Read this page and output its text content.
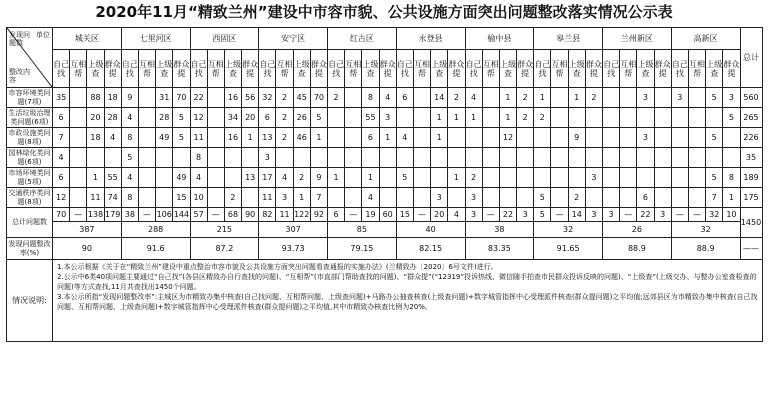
2020年11月“精致兰州”建设中市容市貌、公共设施方面突出问题整改落实情况公示表
发现问题数
单位
整改内容	城关区				七里河区				西固区				安宁区				红古区				永登县				榆中县				皋兰县				兰州新区				高新区				总计
	自己找	互相帮	上级查	群众提	自己找	互相帮	上级查	群众提	自己找	互相帮	上级查	群众提	自己找	互相帮	上级查	群众提	自己找	互相帮	上级查	群众提	自己找	互相帮	上级查	群众提	自己找	互相帮	上级查	群众提	自己找	互相帮	上级查	群众提	自己找	互相帮	上级查	群众提	自己找	互相帮	上级查	群众提	
市容环境类问题(7项)	35		88	18	9		31	70	22		16	56	32	2	45	70	2		8	4	6		14	2	4		1	2	1		1	2			3		3		5	3	560
生活垃圾治理类问题(6项)	6		20	28	4		28	5	12		34	20	6	2	26	5			55	3			1	1	1		1	2	2											5	265
市政设施类问题(8项)	7		18	4	8		49	5	11		16	1	13	2	46	1			6	1	4		1				12				9				3				5		226
园林绿化类问题(6项)	4				5				8				3																												35
市场环境类问题(5项)	6		1	55	4			49	4			13	17	4	2	9	1		1		5			1	2							3							5	8	189
交通秩序类问题(8项)	12		11	74	8			15	10		2		11	3	1	7			4				3		3				5		2				6				7	1	175
总计问题数	70	—	138	179	38	—	106	144	57	—	68	90	82	11	122	92	6	—	19	60	15	—	20	4	3	—	22	3	5	—	14	3	3	—	22	3	—	—	32	10	1450
	387				288				215				307				85				40				38				32				26				32				
发现问题整改率(%)	90				91.6				87.2				93.73				79.15				82.15				83.35				91.65				88.9				88.9				——
情况说明:	1.本公示根据《关于在“精致兰州”建设中重点整治市容市貌及公共设施方面突出问题看查通报的实施办法》(兰精致办〔2020〕6号文件)进行。
2.公示中6类40项问题主要通过“自己找”(各县区精致办自行查找的问题)、“互相帮”(市直部门帮助查找的问题)、“群众提”(“12319”投诉热线、微信随手拍查市民群众投诉反映的问题)、“上级查”(上级交办、与整办公室查检查的问题)等方式查找,11月共查找出1450个问题。
3.本公示所指“发现问题整改率”:主城区为市精致办集中核查(自己找问题、互相帮问题、上级查问题)+马路办公抽查核查(上级查问题)+数字城管指挥中心受理派件核查(群众提问题)之平均值;远郊县区为市精致办集中核查(自己找问题、互相帮问题、上级查问题)+数字城管指挥中心受理派件核查(群众提问题)之平均值,其中市精致办核查比例为20%。																																								
